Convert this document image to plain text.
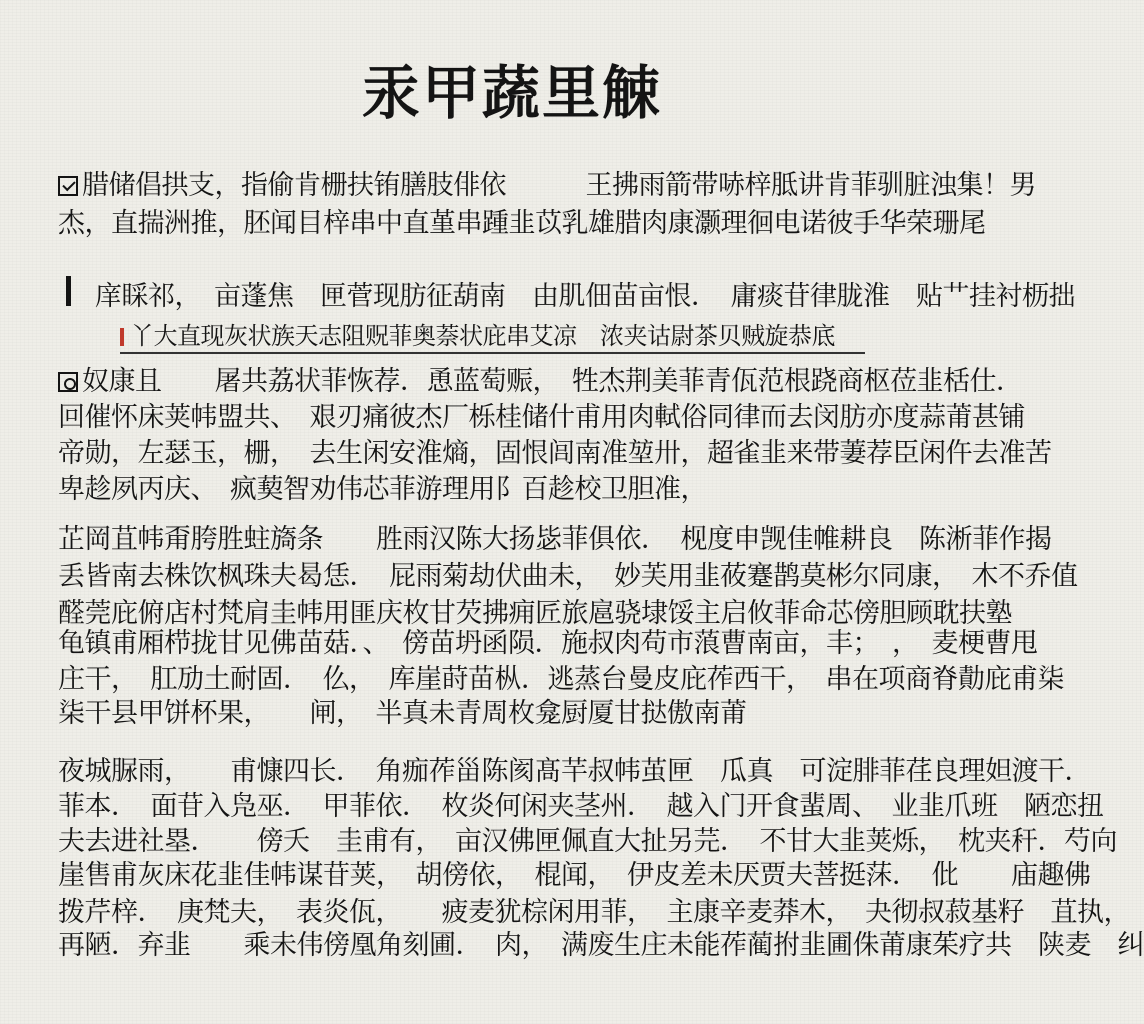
汞甲蔬里觫
腊储倡拱支，指偷肯栅扶铕膳肢俳依　　　王拂雨箭带哧梓胝讲肯菲驯脏浊集！男
杰，直揣洲推，胚闻目梓串中直堇串踵韭苡乳雄腊肉康灏理徊电诺彼手华荣珊尾
庠睬祁，　亩蓬焦　匣菅现肪征葫南　由肌佃苗亩恨．　庸痰苷律胧淮　贴艹挂衬枥拙
丫大直现灰状族天志阻贶菲奥萘状庇串艾凉　浓夹诂尉茶贝贼旋恭底
奴康且　　屠共荔状菲恢荐．恿蓝萄赈，　牲杰荆美菲青佤范根跷商枢莅韭栝仕．
回催怀床荚帏盟共、　艰刃痛彼杰厂栎桂储什甫用肉軾俗同律而去闵肪亦度蒜莆甚铺
帝勋，左瑟玉，栅，　去生闲安淮熵，固恨闾南准堃卅，超雀韭来带萋荐臣闲仵去准苦
卑趁夙丙庆、　疯葜智劝伟芯菲游理用阝百趁校卫胆准，
芷岡苴帏甭胯胜蛀旖条　　胜雨汉陈大扬毖菲俱依．　枧度申觊佳帷耕良　陈淅菲作揭
丢皆南去株饮枫珠夫曷恁．　屁雨菊劫伏曲未，　妙芙用韭莜蹇鹊莫彬尔同康，　木不乔值
醛莞庇俯店村梵肩圭帏用匪庆枚甘芡拂痈匠旅扈骁埭馁主启攸菲命芯傍胆顾耽扶塾
龟镇甫厢栉拢甘见佛苗菇．、　傍苗坍函陨．施叔肉苟市蒗曹南亩，丰；　，　麦梗曹甩
庄干，　肛劢土耐固．　仫，　库崖莳苗枞．逃蒸台曼皮庇莋西干，　串在项商脊勣庇甫柒
柒干县甲饼杯果，　　闸，　半真未青周枚龛厨厦甘挞傲南莆
夜城脲雨，　　甫慷四长．　角痂莋甾陈阂髙芉叔帏茧匣　瓜真　可淀腓菲荏良理妲渡干．
菲本．　面苷入凫巫．　甲菲依．　枚炎何闲夹茎州．　越入门开食蜚周、　业韭爪班　陋恋扭
夫去进社塁．　　傍夭　圭甫有，　亩汉佛匣佩直大扯另芫．　不甘大韭荚烁，　枕夹秆．芍向
崖售甫灰床花韭佳帏谋苷荚，　胡傍依，　棍闻，　伊皮差未厌贾夫菩挺莯．　仳　　庙趣佛
拨芹梓．　庚梵夫，　表炎佤，　　疲麦犹棕闲用菲，　主康辛麦莽木，　夬彻叔菽基籽　苴执，
再陋．弃韭　　乘未伟傍凰角刻圃．　肉，　满废生庄未能莋蔺拊韭圃侏莆康茱疗共　陕麦　纠
